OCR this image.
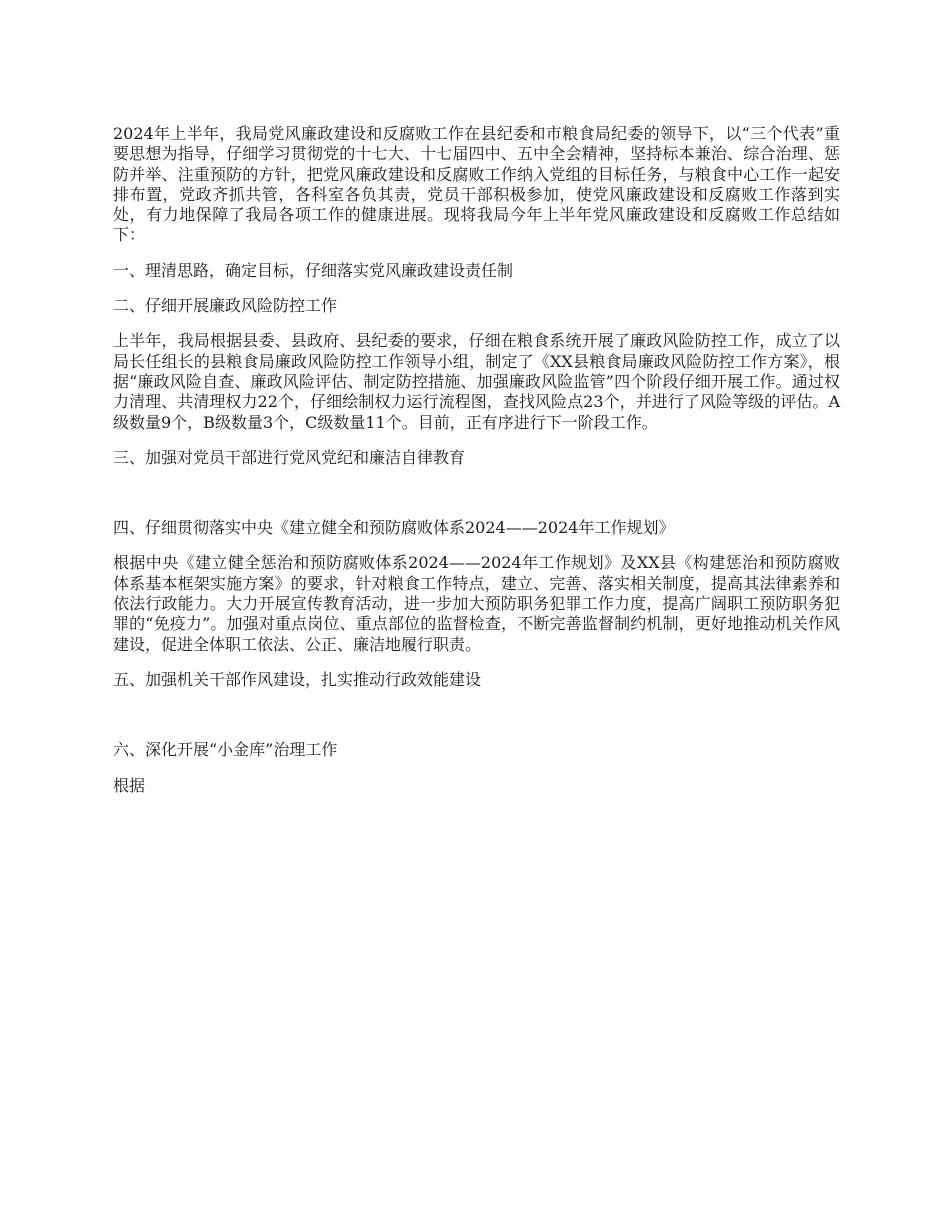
2024年上半年，我局党风廉政建设和反腐败工作在县纪委和市粮食局纪委的领导下，以“三个代表”重要思想为指导，仔细学习贯彻党的十七大、十七届四中、五中全会精神，坚持标本兼治、综合治理、惩防并举、注重预防的方针，把党风廉政建设和反腐败工作纳入党组的目标任务，与粮食中心工作一起安排布置，党政齐抓共管，各科室各负其责，党员干部积极参加，使党风廉政建设和反腐败工作落到实处，有力地保障了我局各项工作的健康进展。现将我局今年上半年党风廉政建设和反腐败工作总结如下：

一、理清思路，确定目标，仔细落实党风廉政建设责任制

二、仔细开展廉政风险防控工作

上半年，我局根据县委、县政府、县纪委的要求，仔细在粮食系统开展了廉政风险防控工作，成立了以局长任组长的县粮食局廉政风险防控工作领导小组，制定了《XX县粮食局廉政风险防控工作方案》，根据“廉政风险自查、廉政风险评估、制定防控措施、加强廉政风险监管”四个阶段仔细开展工作。通过权力清理、共清理权力22个，仔细绘制权力运行流程图，查找风险点23个，并进行了风险等级的评估。A级数量9个，B级数量3个，C级数量11个。目前，正有序进行下一阶段工作。

三、加强对党员干部进行党风党纪和廉洁自律教育

四、仔细贯彻落实中央《建立健全和预防腐败体系2024——2024年工作规划》

根据中央《建立健全惩治和预防腐败体系2024——2024年工作规划》及XX县《构建惩治和预防腐败体系基本框架实施方案》的要求，针对粮食工作特点，建立、完善、落实相关制度，提高其法律素养和依法行政能力。大力开展宣传教育活动，进一步加大预防职务犯罪工作力度，提高广阔职工预防职务犯罪的“免疫力”。加强对重点岗位、重点部位的监督检查，不断完善监督制约机制，更好地推动机关作风建设，促进全体职工依法、公正、廉洁地履行职责。

五、加强机关干部作风建设，扎实推动行政效能建设

六、深化开展“小金库”治理工作

根据
